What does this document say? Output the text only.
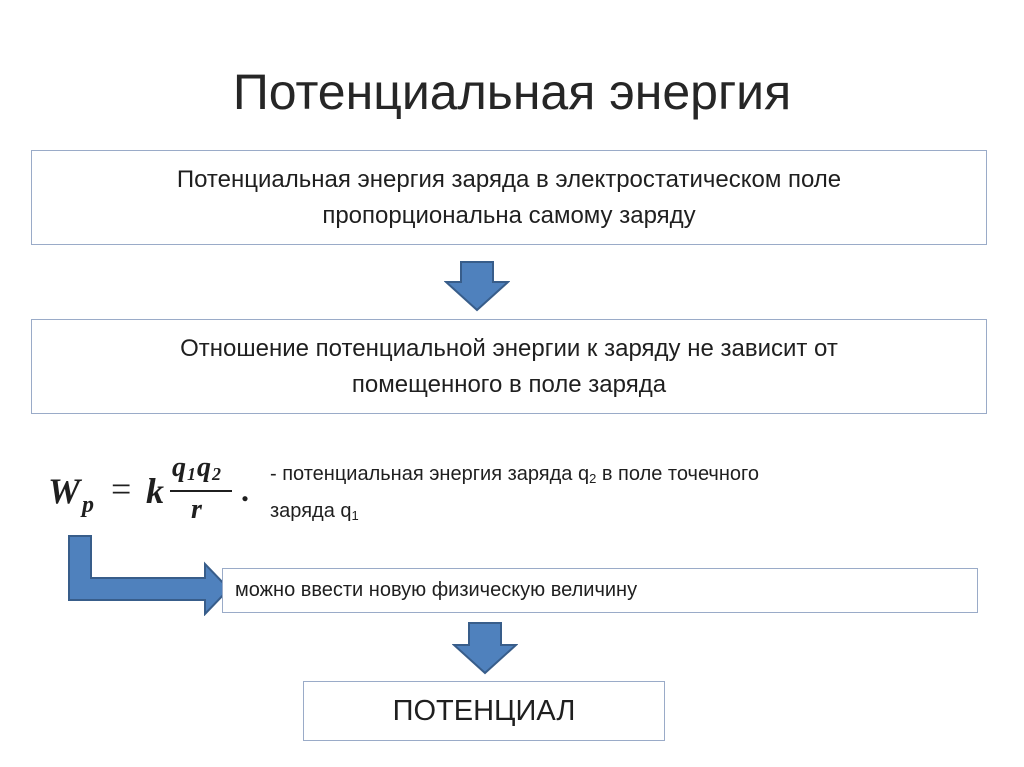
Потенциальная энергия
Потенциальная энергия заряда в электростатическом поле
пропорциональна самому заряду
Отношение потенциальной энергии к заряду не зависит от
помещенного в поле заряда
W p = k
$q_1q_2$
r
. - потенциальная энергия заряда $q_2$ в поле точечного
заряда $q_1$
можно ввести новую физическую величину
ПОТЕНЦИАЛ
